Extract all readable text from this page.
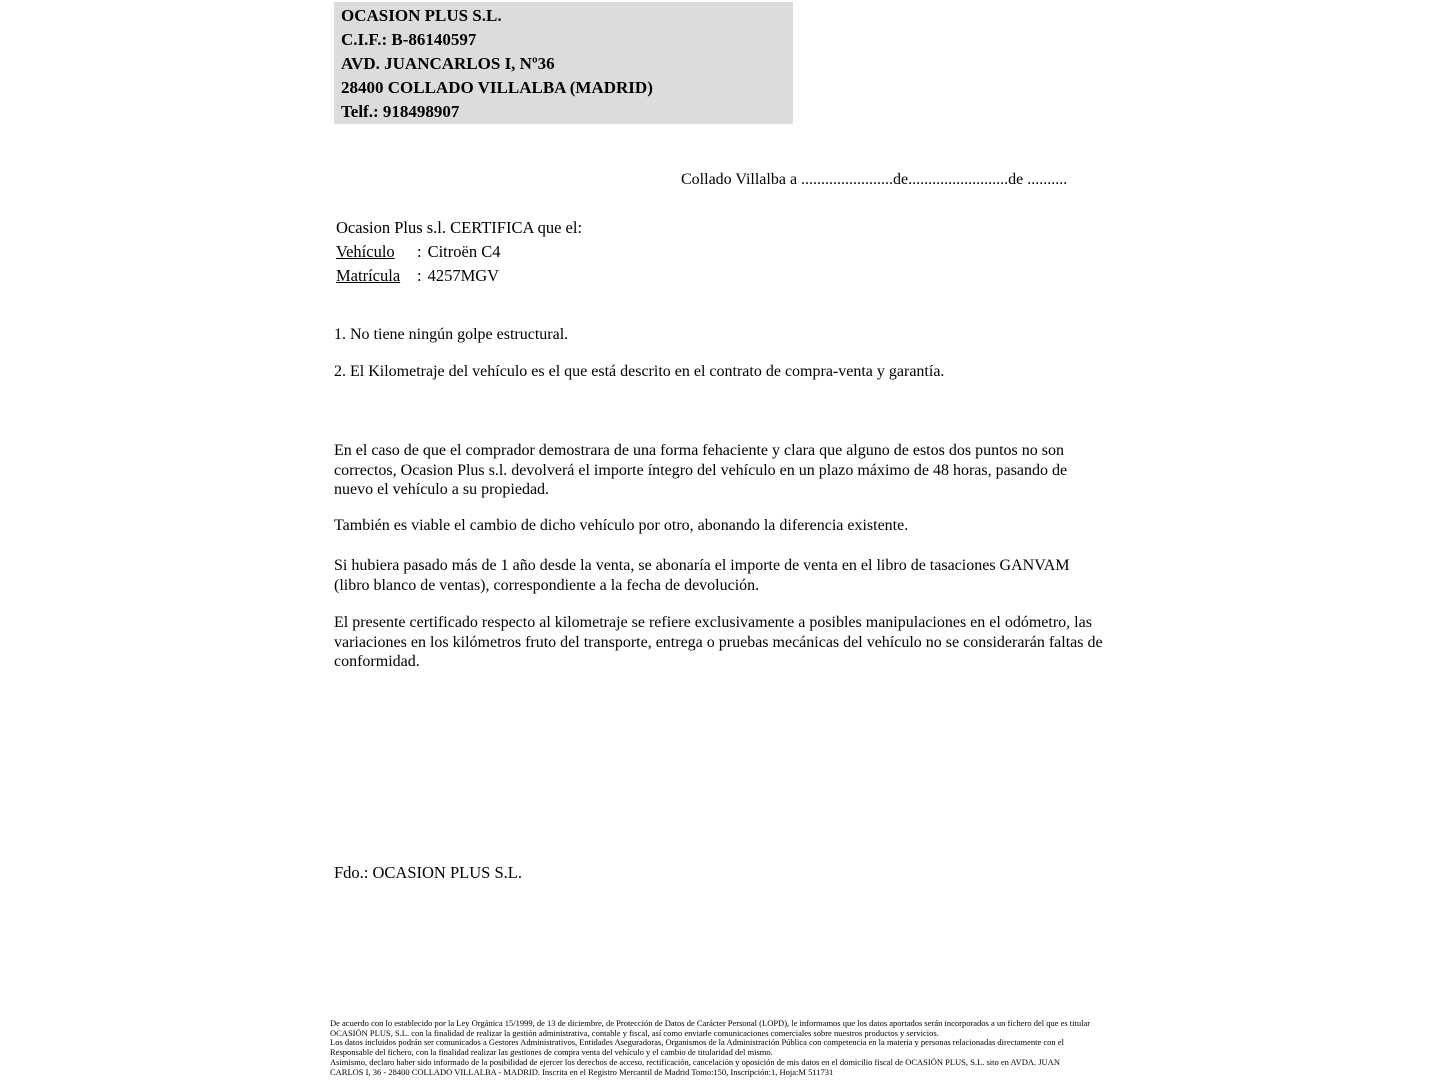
OCASION PLUS S.L.
C.I.F.: B-86140597
AVD. JUANCARLOS I, Nº36
28400 COLLADO VILLALBA (MADRID)
Telf.: 918498907
Collado Villalba a .......................de.........................de ..........
Ocasion Plus s.l. CERTIFICA que el:
Vehículo : Citroën C4
Matrícula : 4257MGV
1. No tiene ningún golpe estructural.
2. El Kilometraje del vehículo es el que está descrito en el contrato de compra-venta y garantía.
En el caso de que el comprador demostrara de una forma fehaciente y clara que alguno de estos dos puntos no son correctos, Ocasion Plus s.l. devolverá el importe íntegro del vehículo en un plazo máximo de 48 horas, pasando de nuevo el vehículo a su propiedad.
También es viable el cambio de dicho vehículo por otro, abonando la diferencia existente.
Si hubiera pasado más de 1 año desde la venta, se abonaría el importe de venta en el libro de tasaciones GANVAM (libro blanco de ventas), correspondiente a la fecha de devolución.
El presente certificado respecto al kilometraje se refiere exclusivamente a posibles manipulaciones en el odómetro, las variaciones en los kilómetros fruto del transporte, entrega o pruebas mecánicas del vehículo no se considerarán faltas de conformidad.
Fdo.: OCASION PLUS S.L.
De acuerdo con lo establecido por la Ley Orgánica 15/1999, de 13 de diciembre, de Protección de Datos de Carácter Personal (LOPD), le informamos que los datos aportados serán incorporados a un fichero del que es titular
OCASIÓN PLUS, S.L. con la finalidad de realizar la gestión administrativa, contable y fiscal, así como enviarle comunicaciones comerciales sobre nuestros productos y servicios.
Los datos incluidos podrán ser comunicados a Gestores Administrativos, Entidades Aseguradoras, Organismos de la Administración Pública con competencia en la materia y personas relacionadas directamente con el
Responsable del fichero, con la finalidad realizar las gestiones de compra venta del vehículo y el cambio de titularidad del mismo.
Asimismo, declaro haber sido informado de la posibilidad de ejercer los derechos de acceso, rectificación, cancelación y oposición de mis datos en el domicilio fiscal de OCASIÓN PLUS, S.L. sito en AVDA. JUAN
CARLOS I, 36 - 28400 COLLADO VILLALBA - MADRID. Inscrita en el Registro Mercantil de Madrid Tomo:150, Inscripción:1, Hoja:M 511731
